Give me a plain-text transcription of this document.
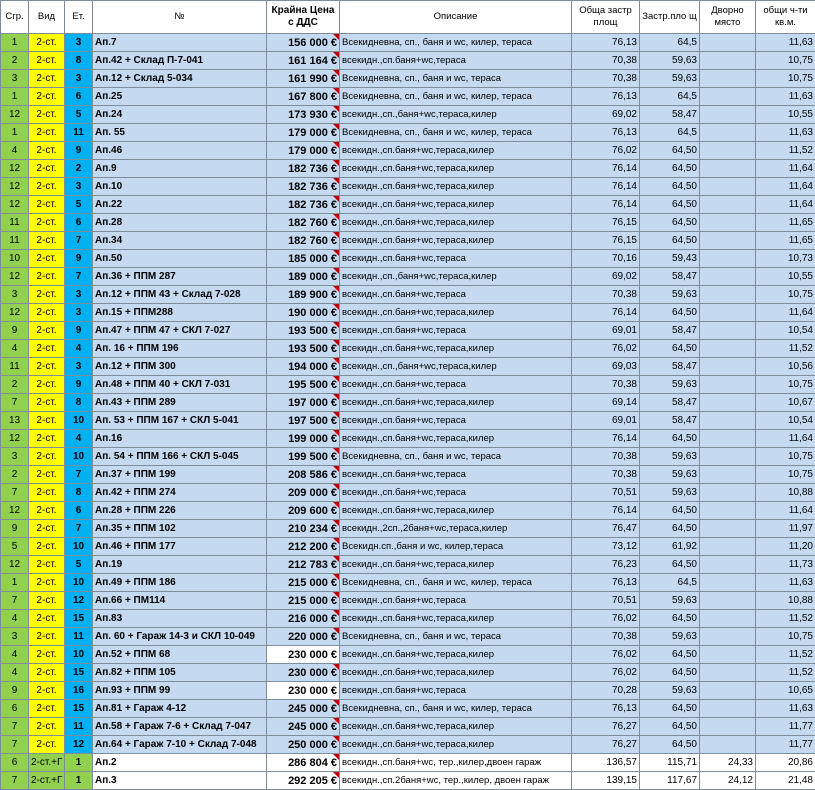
Сгр.	Вид	Ет.	№	Крайна Цена с ДДС	Описание	Обща застр площ	Застр.пло щ	Дворно място	общи ч-ти кв.м.
1	2-ст.	3	Ап.7	156 000 €	Всекидневна, сп., баня и wc, килер, тераса	76,13	64,5		11,63
2	2-ст.	8	Ап.42 + Склад П-7-041	161 164 €	всекидн.,сп.баня+wc,тераса	70,38	59,63		10,75
3	2-ст.	3	Ап.12 + Склад 5-034	161 990 €	Всекидневна, сп., баня и wc, тераса	70,38	59,63		10,75
1	2-ст.	6	Ап.25	167 800 €	Всекидневна, сп., баня и wc, килер, тераса	76,13	64,5		11,63
12	2-ст.	5	Ап.24	173 930 €	всекидн.,сп.,баня+wc,тераса,килер	69,02	58,47		10,55
1	2-ст.	11	Ап. 55	179 000 €	Всекидневна, сп., баня и wc, килер, тераса	76,13	64,5		11,63
4	2-ст.	9	Ап.46	179 000 €	всекидн.,сп.баня+wc,тераса,килер	76,02	64,50		11,52
12	2-ст.	2	Ап.9	182 736 €	всекидн.,сп.баня+wc,тераса,килер	76,14	64,50		11,64
12	2-ст.	3	Ап.10	182 736 €	всекидн.,сп.баня+wc,тераса,килер	76,14	64,50		11,64
12	2-ст.	5	Ап.22	182 736 €	всекидн.,сп.баня+wc,тераса,килер	76,14	64,50		11,64
11	2-ст.	6	Ап.28	182 760 €	всекидн.,сп.баня+wc,тераса,килер	76,15	64,50		11,65
11	2-ст.	7	Ап.34	182 760 €	всекидн.,сп.баня+wc,тераса,килер	76,15	64,50		11,65
10	2-ст.	9	Ап.50	185 000 €	всекидн.,сп.баня+wc,тераса	70,16	59,43		10,73
12	2-ст.	7	Ап.36 + ППМ 287	189 000 €	всекидн.,сп.,баня+wc,тераса,килер	69,02	58,47		10,55
3	2-ст.	3	Ап.12 + ППМ 43 + Склад 7-028	189 900 €	всекидн.,сп.баня+wc,тераса	70,38	59,63		10,75
12	2-ст.	3	Ап.15 + ППМ288	190 000 €	всекидн.,сп.баня+wc,тераса,килер	76,14	64,50		11,64
9	2-ст.	9	Ап.47 + ППМ 47 + СКЛ 7-027	193 500 €	всекидн.,сп.баня+wc,тераса	69,01	58,47		10,54
4	2-ст.	4	Ап. 16 + ППМ 196	193 500 €	всекидн.,сп.баня+wc,тераса,килер	76,02	64,50		11,52
11	2-ст.	3	Ап.12 + ППМ 300	194 000 €	всекидн.,сп.,баня+wc,тераса,килер	69,03	58,47		10,56
2	2-ст.	9	Ап.48 + ППМ 40 + СКЛ 7-031	195 500 €	всекидн.,сп.баня+wc,тераса	70,38	59,63		10,75
7	2-ст.	8	Ап.43 + ППМ 289	197 000 €	всекидн.,сп.баня+wc,тераса,килер	69,14	58,47		10,67
13	2-ст.	10	Ап. 53 + ППМ 167 + СКЛ 5-041	197 500 €	всекидн.,сп.баня+wc,тераса	69,01	58,47		10,54
12	2-ст.	4	Ап.16	199 000 €	всекидн.,сп.баня+wc,тераса,килер	76,14	64,50		11,64
3	2-ст.	10	Ап. 54 + ППМ 166 + СКЛ 5-045	199 500 €	Всекидневна, сп., баня и wc, тераса	70,38	59,63		10,75
2	2-ст.	7	Ап.37 + ППМ 199	208 586 €	всекидн.,сп.баня+wc,тераса	70,38	59,63		10,75
7	2-ст.	8	Ап.42 + ППМ 274	209 000 €	всекидн.,сп.баня+wc,тераса	70,51	59,63		10,88
12	2-ст.	6	Ап.28 + ППМ 226	209 600 €	всекидн.,сп.баня+wc,тераса,килер	76,14	64,50		11,64
9	2-ст.	7	Ап.35 + ППМ 102	210 234 €	всекидн.,2сп.,2баня+wc,тераса,килер	76,47	64,50		11,97
5	2-ст.	10	Ап.46 + ППМ 177	212 200 €	Всекидн.сп.,баня и wc, килер,тераса	73,12	61,92		11,20
12	2-ст.	5	Ап.19	212 783 €	всекидн.,сп.баня+wc,тераса,килер	76,23	64,50		11,73
1	2-ст.	10	Ап.49 + ППМ 186	215 000 €	Всекидневна, сп., баня и wc, килер, тераса	76,13	64,5		11,63
7	2-ст.	12	Ап.66 + ПМ114	215 000 €	всекидн.,сп.баня+wc,тераса	70,51	59,63		10,88
4	2-ст.	15	Ап.83	216 000 €	всекидн.,сп.баня+wc,тераса,килер	76,02	64,50		11,52
3	2-ст.	11	Ап. 60 + Гараж 14-3 и СКЛ 10-049	220 000 €	Всекидневна, сп., баня и wc, тераса	70,38	59,63		10,75
4	2-ст.	10	Ап.52 + ППМ 68	230 000 €	всекидн.,сп.баня+wc,тераса,килер	76,02	64,50		11,52
4	2-ст.	15	Ап.82 + ППМ 105	230 000 €	всекидн.,сп.баня+wc,тераса,килер	76,02	64,50		11,52
9	2-ст.	16	Ап.93 + ППМ 99	230 000 €	всекидн.,сп.баня+wc,тераса	70,28	59,63		10,65
6	2-ст.	15	Ап.81 + Гараж 4-12	245 000 €	Всекидневна, сп., баня и wc, килер, тераса	76,13	64,50		11,63
7	2-ст.	11	Ап.58 + Гараж 7-6 + Склад 7-047	245 000 €	всекидн.,сп.баня+wc,тераса,килер	76,27	64,50		11,77
7	2-ст.	12	Ап.64 + Гараж 7-10 + Склад 7-048	250 000 €	всекидн.,сп.баня+wc,тераса,килер	76,27	64,50		11,77
6	2-ст.+Г	1	Ап.2	286 804 €	всекидн.,сп.баня+wc, тер.,килер,двоен гараж	136,57	115,71	24,33	20,86
7	2-ст.+Г	1	Ап.3	292 205 €	всекидн.,сп.2баня+wc, тер.,килер, двоен гараж	139,15	117,67	24,12	21,48
